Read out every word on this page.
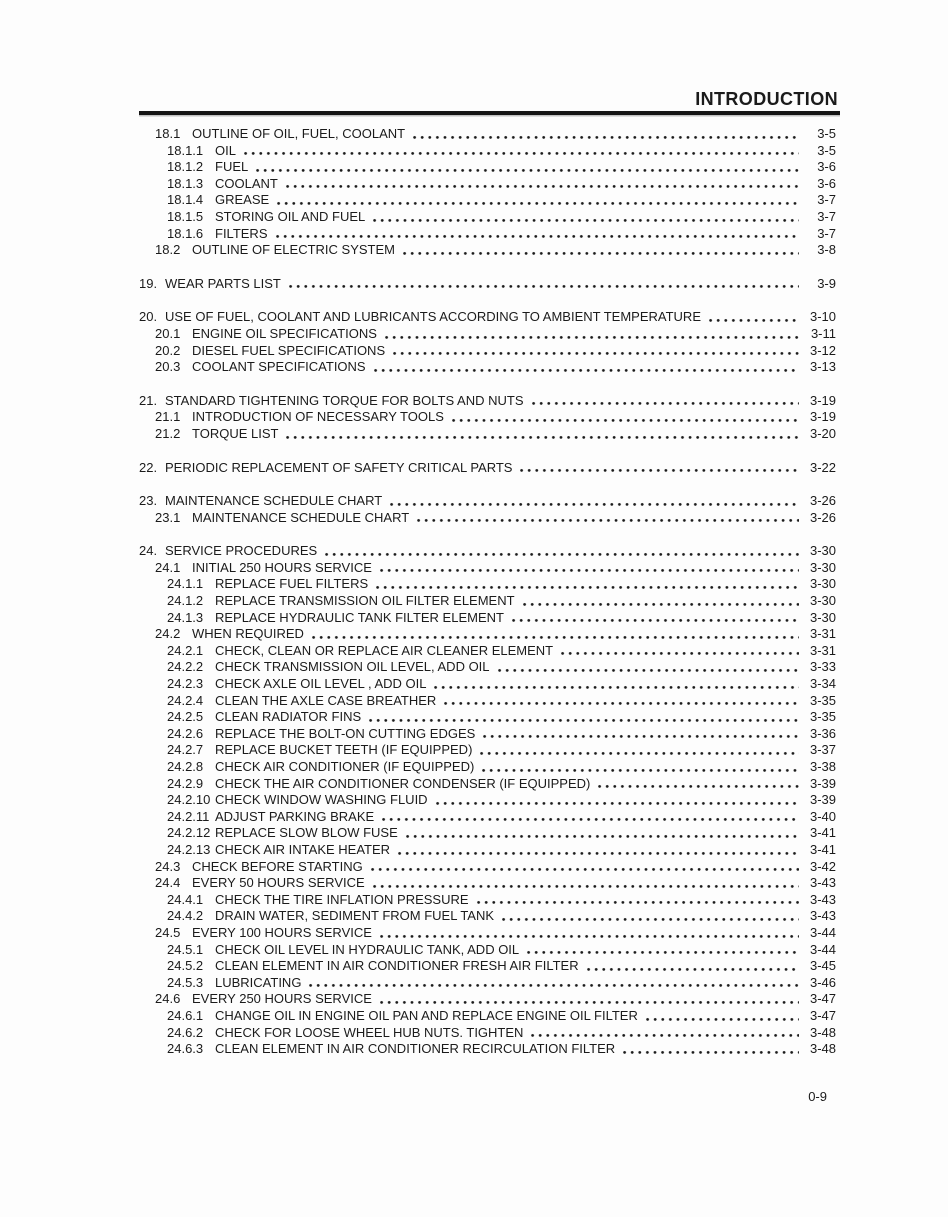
INTRODUCTION
18.1 OUTLINE OF OIL, FUEL, COOLANT	3-5
18.1.1 OIL	3-5
18.1.2 FUEL	3-6
18.1.3 COOLANT	3-6
18.1.4 GREASE	3-7
18.1.5 STORING OIL AND FUEL	3-7
18.1.6 FILTERS	3-7
18.2 OUTLINE OF ELECTRIC SYSTEM	3-8
19. WEAR PARTS LIST	3-9
20. USE OF FUEL, COOLANT AND LUBRICANTS ACCORDING TO AMBIENT TEMPERATURE	3-10
20.1 ENGINE OIL SPECIFICATIONS	3-11
20.2 DIESEL FUEL SPECIFICATIONS	3-12
20.3 COOLANT SPECIFICATIONS	3-13
21. STANDARD TIGHTENING TORQUE FOR BOLTS AND NUTS	3-19
21.1 INTRODUCTION OF NECESSARY TOOLS	3-19
21.2 TORQUE LIST	3-20
22. PERIODIC REPLACEMENT OF SAFETY CRITICAL PARTS	3-22
23. MAINTENANCE SCHEDULE CHART	3-26
23.1 MAINTENANCE SCHEDULE CHART	3-26
24. SERVICE PROCEDURES	3-30
24.1 INITIAL 250 HOURS SERVICE	3-30
24.1.1 REPLACE FUEL FILTERS	3-30
24.1.2 REPLACE TRANSMISSION OIL FILTER ELEMENT	3-30
24.1.3 REPLACE HYDRAULIC TANK FILTER ELEMENT	3-30
24.2 WHEN REQUIRED	3-31
24.2.1 CHECK, CLEAN OR REPLACE AIR CLEANER ELEMENT	3-31
24.2.2 CHECK TRANSMISSION OIL LEVEL, ADD OIL	3-33
24.2.3 CHECK AXLE OIL LEVEL , ADD OIL	3-34
24.2.4 CLEAN THE AXLE CASE BREATHER	3-35
24.2.5 CLEAN RADIATOR FINS	3-35
24.2.6 REPLACE THE BOLT-ON CUTTING EDGES	3-36
24.2.7 REPLACE BUCKET TEETH (IF EQUIPPED)	3-37
24.2.8 CHECK AIR CONDITIONER (IF EQUIPPED)	3-38
24.2.9 CHECK THE AIR CONDITIONER CONDENSER (IF EQUIPPED)	3-39
24.2.10 CHECK WINDOW WASHING FLUID	3-39
24.2.11 ADJUST PARKING BRAKE	3-40
24.2.12 REPLACE SLOW BLOW FUSE	3-41
24.2.13 CHECK AIR INTAKE HEATER	3-41
24.3 CHECK BEFORE STARTING	3-42
24.4 EVERY 50 HOURS SERVICE	3-43
24.4.1 CHECK THE TIRE INFLATION PRESSURE	3-43
24.4.2 DRAIN WATER, SEDIMENT FROM FUEL TANK	3-43
24.5 EVERY 100 HOURS SERVICE	3-44
24.5.1 CHECK OIL LEVEL IN HYDRAULIC TANK, ADD OIL	3-44
24.5.2 CLEAN ELEMENT IN AIR CONDITIONER FRESH AIR FILTER	3-45
24.5.3 LUBRICATING	3-46
24.6 EVERY 250 HOURS SERVICE	3-47
24.6.1 CHANGE OIL IN ENGINE OIL PAN AND REPLACE ENGINE OIL FILTER	3-47
24.6.2 CHECK FOR LOOSE WHEEL HUB NUTS. TIGHTEN	3-48
24.6.3 CLEAN ELEMENT IN AIR CONDITIONER RECIRCULATION FILTER	3-48
0-9
